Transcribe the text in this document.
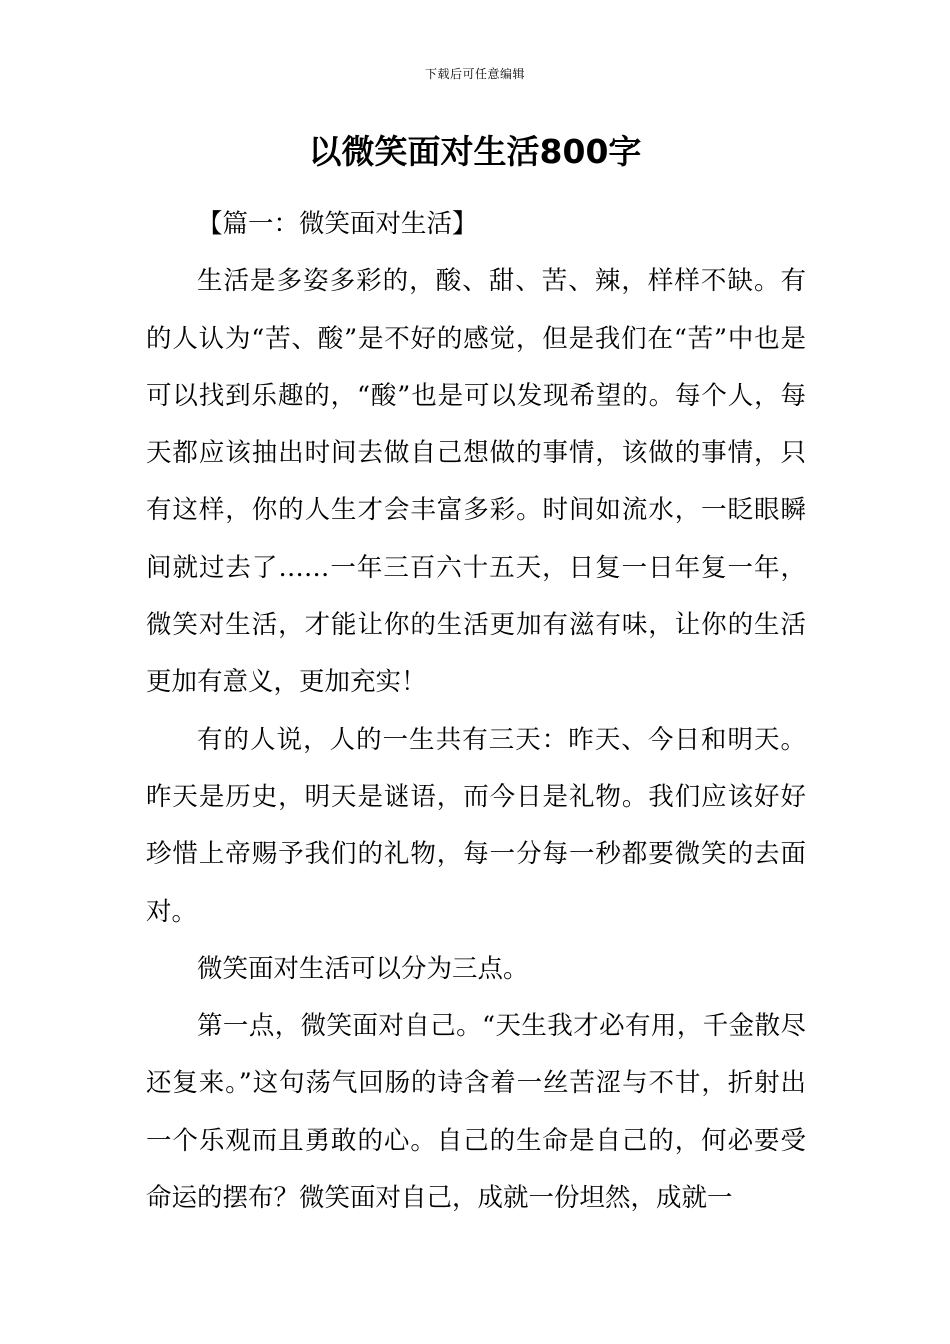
下载后可任意编辑
以微笑面对生活800字

【篇一：微笑面对生活】

生活是多姿多彩的，酸、甜、苦、辣，样样不缺。有的人认为“苦、酸”是不好的感觉，但是我们在“苦”中也是可以找到乐趣的，“酸”也是可以发现希望的。每个人，每天都应该抽出时间去做自己想做的事情，该做的事情，只有这样，你的人生才会丰富多彩。时间如流水，一眨眼瞬间就过去了……一年三百六十五天，日复一日年复一年，微笑对生活，才能让你的生活更加有滋有味，让你的生活更加有意义，更加充实！

有的人说，人的一生共有三天：昨天、今日和明天。昨天是历史，明天是谜语，而今日是礼物。我们应该好好珍惜上帝赐予我们的礼物，每一分每一秒都要微笑的去面对。

微笑面对生活可以分为三点。

第一点，微笑面对自己。“天生我才必有用，千金散尽还复来。”这句荡气回肠的诗含着一丝苦涩与不甘，折射出一个乐观而且勇敢的心。自己的生命是自己的，何必要受命运的摆布？微笑面对自己，成就一份坦然，成就一
